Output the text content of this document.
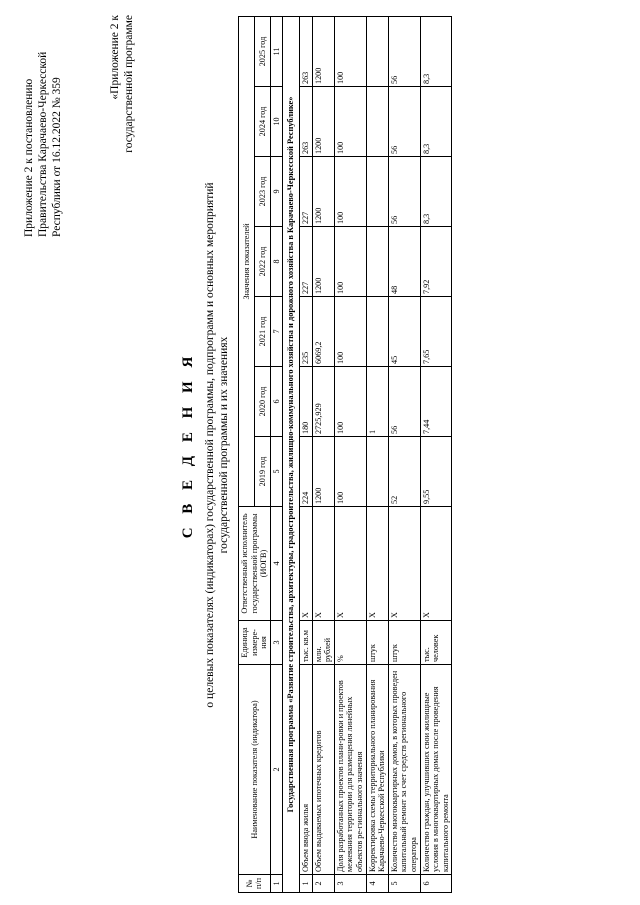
Приложение 2 к постановлению Правительства Карачаево-Черкесской Республики от 16.12.2022 № 359
«Приложение 2 к государственной программе
С В Е Д Е Н И Я о целевых показателях (индикаторах) государственной программы, подпрограмм и основных мероприятий государственной программы и их значениях
№ п/п	Наименование показателя (индикатора)	Единица измере-ния	Ответственный исполнитель государственной программы (ИОГВ)	Значения показателей						
				2019 год	2020 год	2021 год	2022 год	2023 год	2024 год	2025 год
1	2	3	4	5	6	7	8	9	10	11
Государственная программа «Развитие строительства, архитектуры, градостроительства, жилищно-коммунального хозяйства и дорожного хозяйства в Карачаево-Черкесской Республике»										
1	Объем ввода жилья	тыс. кв.м	X	224	180	235	227	227	263	263
2	Объем выдаваемых ипотечных кредитов	млн. рублей	X	1200	2725,929	6069,2	1200	1200	1200	1200
3	Доля разработанных проектов плани-ровки и проектов межевания территории для размещения линейных объектов ре-гионального значения	%	X	100	100	100	100	100	100	100
4	Корректировка схемы территориального планирования Карачаево-Черкесской Республики	штук	X		1					
5	Количество многоквартирных домов, в которых проведен капитальный ремонт за счет средств регионального оператора	штук	X	52	56	45	48	56	56	56
6	Количество граждан, улучшивших свои жилищные условия в многоквартирных домах после проведения капитального ремонта	тыс. человек	X	9,55	7,44	7,65	7,92	8,3	8,3	8,3
